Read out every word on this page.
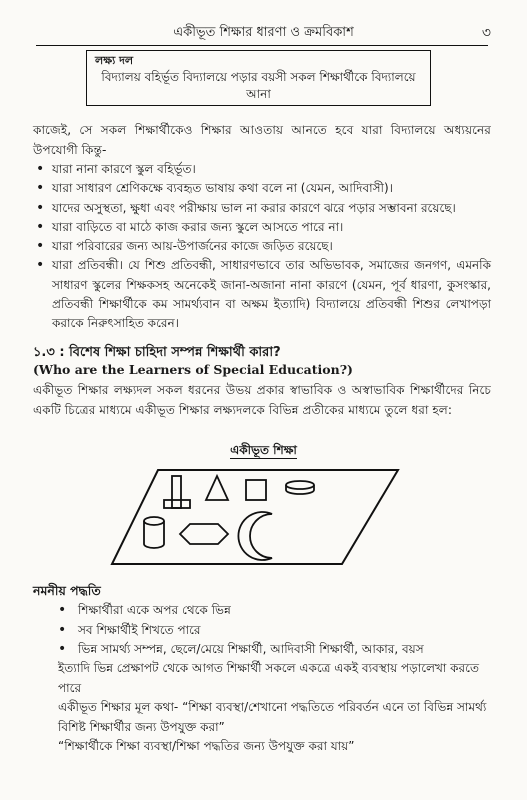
একীভূত শিক্ষার ধারণা ও ক্রমবিকাশ	৩
লক্ষ্য দল
বিদ্যালয় বহির্ভূত বিদ্যালয়ে পড়ার বয়সী সকল শিক্ষার্থীকে বিদ্যালয়ে আনা
কাজেই, সে সকল শিক্ষার্থীকেও শিক্ষার আওতায় আনতে হবে যারা বিদ্যালয়ে অধ্যয়নের উপযোগী কিন্তু-
• যারা নানা কারণে স্কুল বহির্ভূত।
• যারা সাধারণ শ্রেণিকক্ষে ব্যবহৃত ভাষায় কথা বলে না (যেমন, আদিবাসী)।
• যাদের অসুস্থতা, ক্ষুধা এবং পরীক্ষায় ভাল না করার কারণে ঝরে পড়ার সম্ভাবনা রয়েছে।
• যারা বাড়িতে বা মাঠে কাজ করার জন্য স্কুলে আসতে পারে না।
• যারা পরিবারের জন্য আয়-উপার্জনের কাজে জড়িত রয়েছে।
• যারা প্রতিবন্ধী। যে শিশু প্রতিবন্ধী, সাধারণভাবে তার অভিভাবক, সমাজের জনগণ, এমনকি সাধারণ স্কুলের শিক্ষকসহ অনেকেই জানা-অজানা নানা কারণে (যেমন, পূর্ব ধারণা, কুসংস্কার, প্রতিবন্ধী শিক্ষার্থীকে কম সামর্থ্যবান বা অক্ষম ইত্যাদি) বিদ্যালয়ে প্রতিবন্ধী শিশুর লেখাপড়া করাকে নিরুৎসাহিত করেন।
১.৩ : বিশেষ শিক্ষা চাহিদা সম্পন্ন শিক্ষার্থী কারা?
(Who are the Learners of Special Education?)
একীভূত শিক্ষার লক্ষ্যদল সকল ধরনের উভয় প্রকার স্বাভাবিক ও অস্বাভাবিক শিক্ষার্থীদের নিচে একটি চিত্রের মাধ্যমে একীভূত শিক্ষার লক্ষ্যদলকে বিভিন্ন প্রতীকের মাধ্যমে তুলে ধরা হল:
একীভূত শিক্ষা
নমনীয় পদ্ধতি
• শিক্ষার্থীরা একে অপর থেকে ভিন্ন
• সব শিক্ষার্থীই শিখতে পারে
• ভিন্ন সামর্থ্য সম্পন্ন, ছেলে/মেয়ে শিক্ষার্থী, আদিবাসী শিক্ষার্থী, আকার, বয়স
ইত্যাদি ভিন্ন প্রেক্ষাপট থেকে আগত শিক্ষার্থী সকলে একত্রে একই ব্যবস্থায় পড়ালেখা করতে পারে
একীভূত শিক্ষার মূল কথা- “শিক্ষা ব্যবস্থা/শেখানো পদ্ধতিতে পরিবর্তন এনে তা বিভিন্ন সামর্থ্য বিশিষ্ট শিক্ষার্থীর জন্য উপযুক্ত করা”
“শিক্ষার্থীকে শিক্ষা ব্যবস্থা/শিক্ষা পদ্ধতির জন্য উপযুক্ত করা যায়”
